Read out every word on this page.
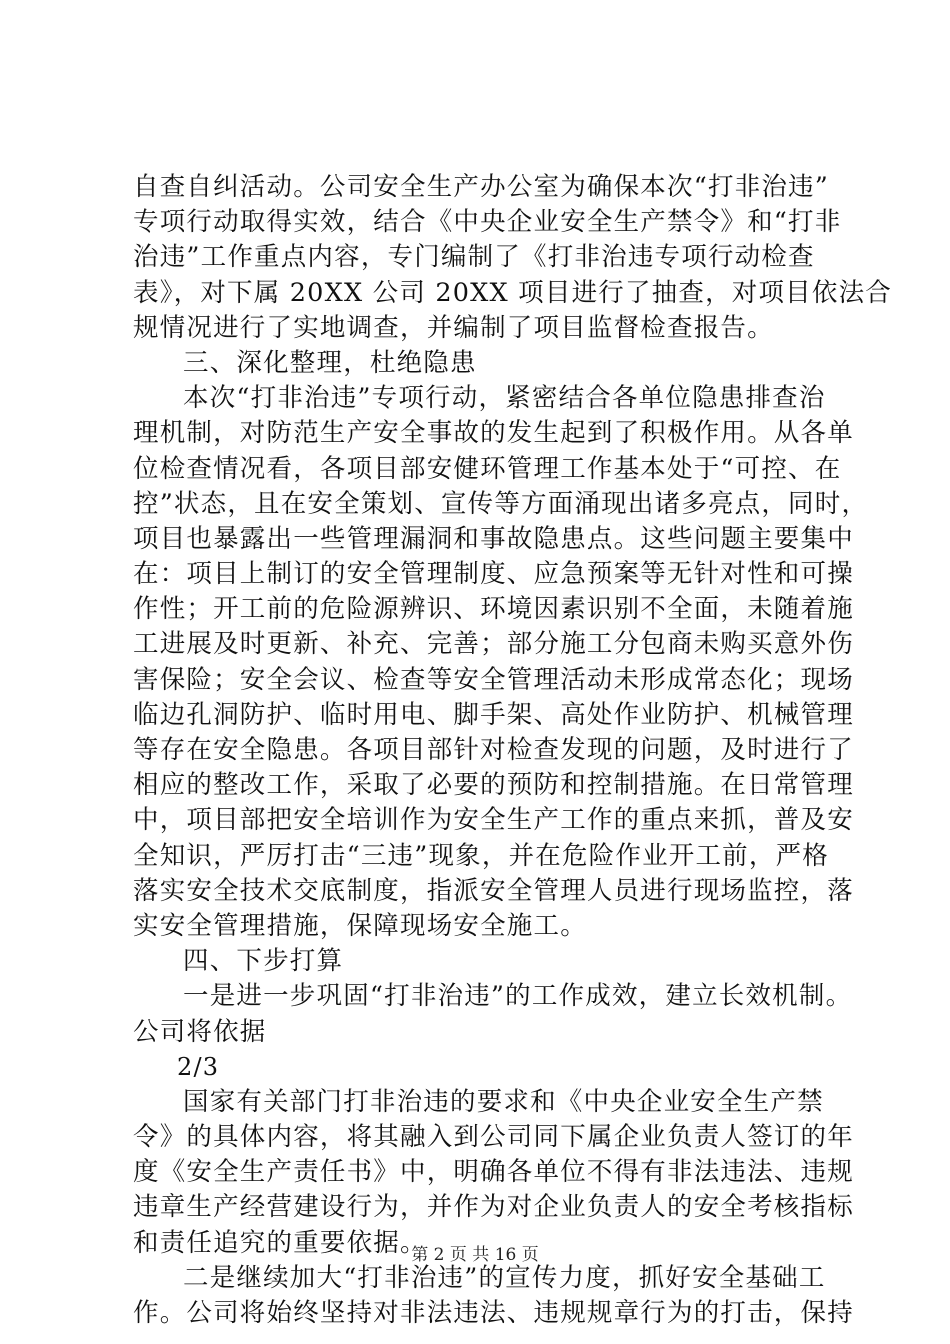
自查自纠活动。公司安全生产办公室为确保本次“打非治违”
专项行动取得实效，结合《中央企业安全生产禁令》和“打非
治违”工作重点内容，专门编制了《打非治违专项行动检查
表》，对下属 20XX 公司 20XX 项目进行了抽查，对项目依法合
规情况进行了实地调查，并编制了项目监督检查报告。
三、深化整理，杜绝隐患
本次“打非治违”专项行动，紧密结合各单位隐患排查治
理机制，对防范生产安全事故的发生起到了积极作用。从各单
位检查情况看，各项目部安健环管理工作基本处于“可控、在
控”状态，且在安全策划、宣传等方面涌现出诸多亮点，同时，
项目也暴露出一些管理漏洞和事故隐患点。这些问题主要集中
在：项目上制订的安全管理制度、应急预案等无针对性和可操
作性；开工前的危险源辨识、环境因素识别不全面，未随着施
工进展及时更新、补充、完善；部分施工分包商未购买意外伤
害保险；安全会议、检查等安全管理活动未形成常态化；现场
临边孔洞防护、临时用电、脚手架、高处作业防护、机械管理
等存在安全隐患。各项目部针对检查发现的问题，及时进行了
相应的整改工作，采取了必要的预防和控制措施。在日常管理
中，项目部把安全培训作为安全生产工作的重点来抓，普及安
全知识，严厉打击“三违”现象，并在危险作业开工前，严格
落实安全技术交底制度，指派安全管理人员进行现场监控，落
实安全管理措施，保障现场安全施工。
四、下步打算
一是进一步巩固“打非治违”的工作成效，建立长效机制。
公司将依据
2/3
国家有关部门打非治违的要求和《中央企业安全生产禁
令》的具体内容，将其融入到公司同下属企业负责人签订的年
度《安全生产责任书》中，明确各单位不得有非法违法、违规
违章生产经营建设行为，并作为对企业负责人的安全考核指标
和责任追究的重要依据。
二是继续加大“打非治违”的宣传力度，抓好安全基础工
作。公司将始终坚持对非法违法、违规规章行为的打击，保持
第 2 页 共 16 页
